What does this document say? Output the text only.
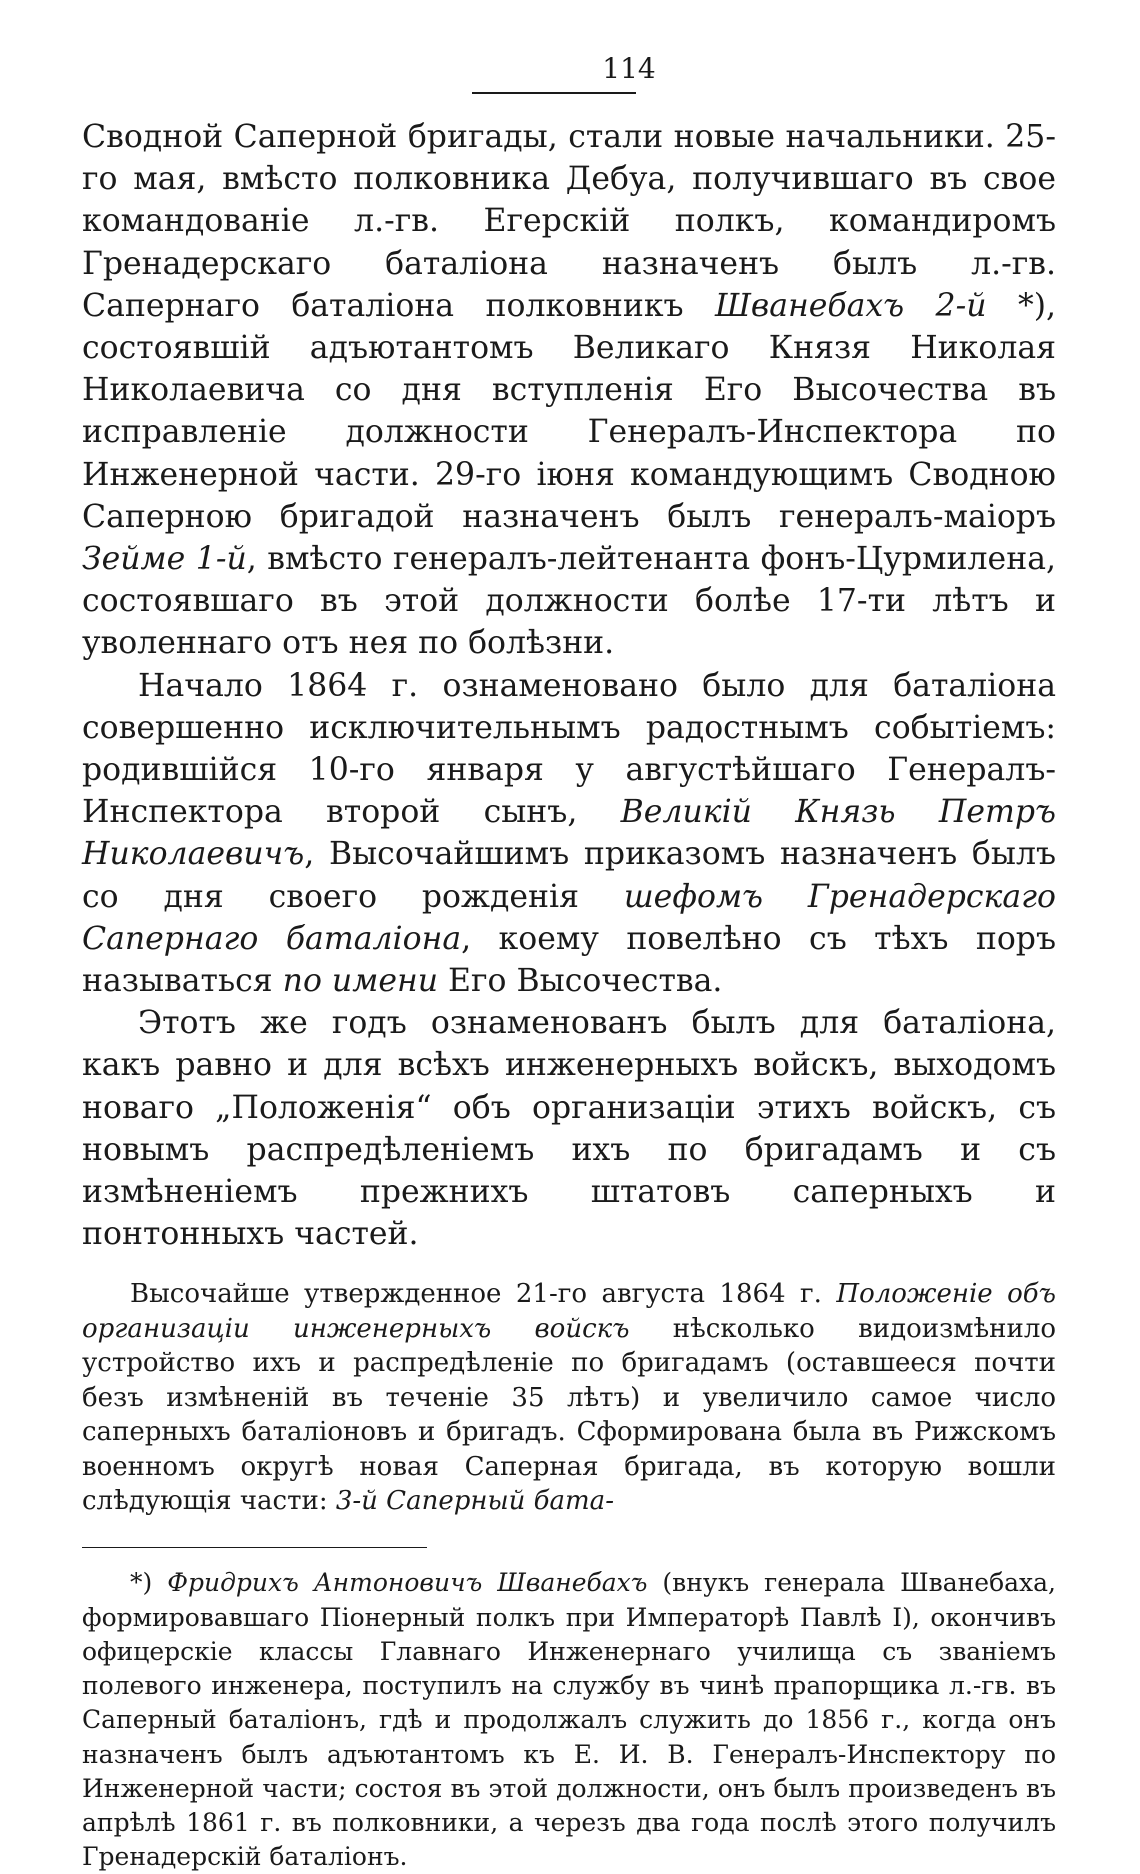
114

Сводной Саперной бригады, стали новые начальники. 25-го мая, вмѣсто полковника Дебуа, получившаго въ свое командованіе л.-гв. Егерскій полкъ, командиромъ Гренадерскаго баталіона назначенъ былъ л.-гв. Сапернаго баталіона полковникъ Шванебахъ 2-й *), состоявшій адъютантомъ Великаго Князя Николая Николаевича со дня вступленія Его Высочества въ исправленіе должности Генералъ-Инспектора по Инженерной части. 29-го іюня командующимъ Сводною Саперною бригадой назначенъ былъ генералъ-маіоръ Зейме 1-й, вмѣсто генералъ-лейтенанта фонъ-Цурмилена, состоявшаго въ этой должности болѣе 17-ти лѣтъ и уволеннаго отъ нея по болѣзни.

Начало 1864 г. ознаменовано было для баталіона совершенно исключительнымъ радостнымъ событіемъ: родившійся 10-го января у августѣйшаго Генералъ-Инспектора второй сынъ, Великій Князь Петръ Николаевичъ, Высочайшимъ приказомъ назначенъ былъ со дня своего рожденія шефомъ Гренадерскаго Сапернаго баталіона, коему повелѣно съ тѣхъ поръ называться по имени Его Высочества.

Этотъ же годъ ознаменованъ былъ для баталіона, какъ равно и для всѣхъ инженерныхъ войскъ, выходомъ новаго „Положенія“ объ организаціи этихъ войскъ, съ новымъ распредѣленіемъ ихъ по бригадамъ и съ измѣненіемъ прежнихъ штатовъ саперныхъ и понтонныхъ частей.

Высочайше утвержденное 21-го августа 1864 г. Положеніе объ организаціи инженерныхъ войскъ нѣсколько видоизмѣнило устройство ихъ и распредѣленіе по бригадамъ (оставшееся почти безъ измѣненій въ теченіе 35 лѣтъ) и увеличило самое число саперныхъ баталіоновъ и бригадъ. Сформирована была въ Рижскомъ военномъ округѣ новая Саперная бригада, въ которую вошли слѣдующія части: 3-й Саперный бата-
*) Фридрихъ Антоновичъ Шванебахъ (внукъ генерала Шванебаха, формировавшаго Піонерный полкъ при Императорѣ Павлѣ I), окончивъ офицерскіе классы Главнаго Инженернаго училища съ званіемъ полевого инженера, поступилъ на службу въ чинѣ прапорщика л.-гв. въ Саперный баталіонъ, гдѣ и продолжалъ служить до 1856 г., когда онъ назначенъ былъ адъютантомъ къ Е. И. В. Генералъ-Инспектору по Инженерной части; состоя въ этой должности, онъ былъ произведенъ въ апрѣлѣ 1861 г. въ полковники, а черезъ два года послѣ этого получилъ Гренадерскій баталіонъ.
